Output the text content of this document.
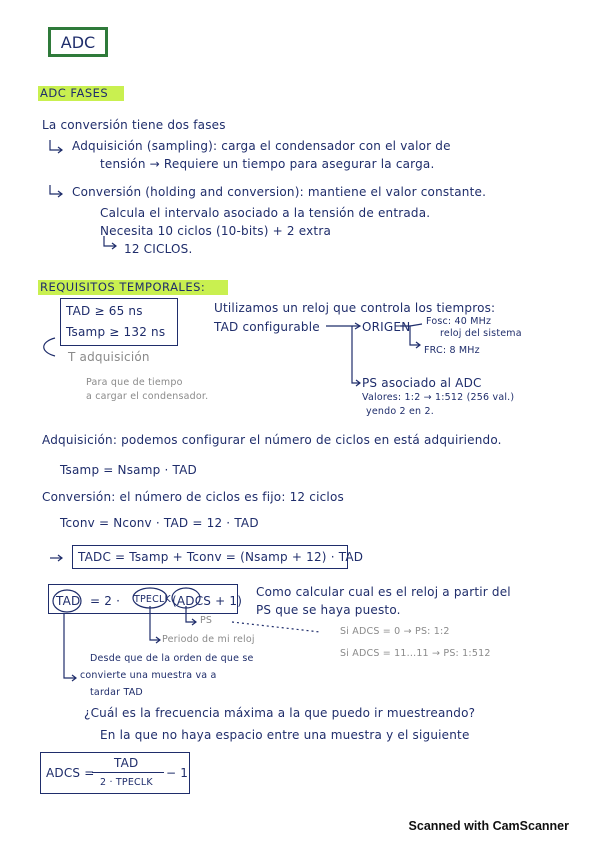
ADC
ADC FASES
La conversión tiene dos fases
Adquisición (sampling): carga el condensador con el valor de
tensión → Requiere un tiempo para asegurar la carga.
Conversión (holding and conversion): mantiene el valor constante.
Calcula el intervalo asociado a la tensión de entrada.
Necesita 10 ciclos (10-bits) + 2 extra
12 CICLOS.
REQUISITOS TEMPORALES:
TAD ≥ 65 ns
Tsamp ≥ 132 ns
T adquisición
Para que de tiempo
a cargar el condensador.
Utilizamos un reloj que controla los tiempros:
TAD configurable	ORIGEN Fosc: 40 MHz
reloj del sistema
FRC: 8 MHz
PS asociado al ADC
Valores: 1:2 → 1:512 (256 val.)
yendo 2 en 2.
Adquisición: podemos configurar el número de ciclos en está adquiriendo.
Tsamp = Nsamp · TAD
Conversión: el número de ciclos es fijo: 12 ciclos
Tconv = Nconv · TAD = 12 · TAD
TADC = Tsamp + Tconv = (Nsamp + 12) · TAD
TAD = 2 · TPECLK (ADCS + 1)
Como calcular cual es el reloj a partir del
PS que se haya puesto.
PS
Periodo de mi reloj
Si ADCS = 0 → PS: 1:2
Si ADCS = 11...11 → PS: 1:512
Desde que de la orden de que se
convierte una muestra va a
tardar TAD
¿Cuál es la frecuencia máxima a la que puedo ir muestreando?
En la que no haya espacio entre una muestra y el siguiente
ADCS =
TAD
2 · TPECLK
− 1
Scanned with CamScanner
